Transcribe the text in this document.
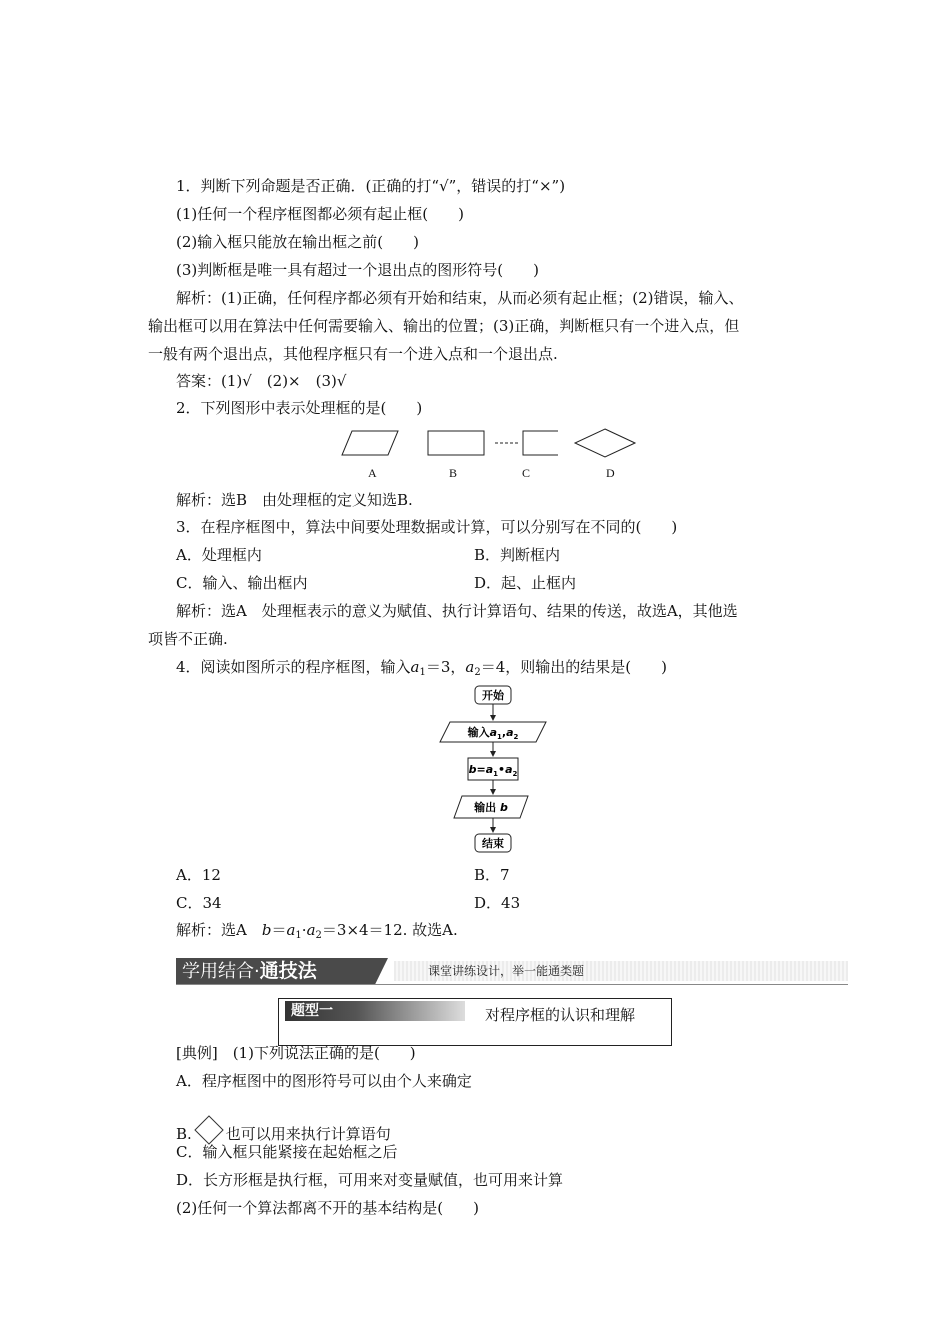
1．判断下列命题是否正确．(正确的打“√”，错误的打“×”)
(1)任何一个程序框图都必须有起止框(　　)
(2)输入框只能放在输出框之前(　　)
(3)判断框是唯一具有超过一个退出点的图形符号(　　)
解析：(1)正确，任何程序都必须有开始和结束，从而必须有起止框；(2)错误，输入、
输出框可以用在算法中任何需要输入、输出的位置；(3)正确，判断框只有一个进入点，但
一般有两个退出点，其他程序框只有一个进入点和一个退出点.
答案：(1)√　(2)×　(3)√
2．下列图形中表示处理框的是(　　)
A	B	C	D
解析：选B　由处理框的定义知选B.
3．在程序框图中，算法中间要处理数据或计算，可以分别写在不同的(　　)
A．处理框内	B．判断框内
C．输入、输出框内	D．起、止框内
解析：选A　处理框表示的意义为赋值、执行计算语句、结果的传送，故选A，其他选
项皆不正确.
4．阅读如图所示的程序框图，输入$a_1=3$，$a_2=4$，则输出的结果是(　　)
开始
输入$a_1,a_2$
$b=a_1•a_2$
输出 b
结束
A．12	B．7
C．34	D．43
解析：选A　$b=a_1\cdot a_2=3\times 4=12$. 故选A.
学用结合·通技法	课堂讲练设计，举一能通类题
题型一	对程序框的认识和理解
[典例]　(1)下列说法正确的是(　　)
A．程序框图中的图形符号可以由个人来确定
B. 也可以用来执行计算语句
C．输入框只能紧接在起始框之后
D．长方形框是执行框，可用来对变量赋值，也可用来计算
(2)任何一个算法都离不开的基本结构是(　　)
